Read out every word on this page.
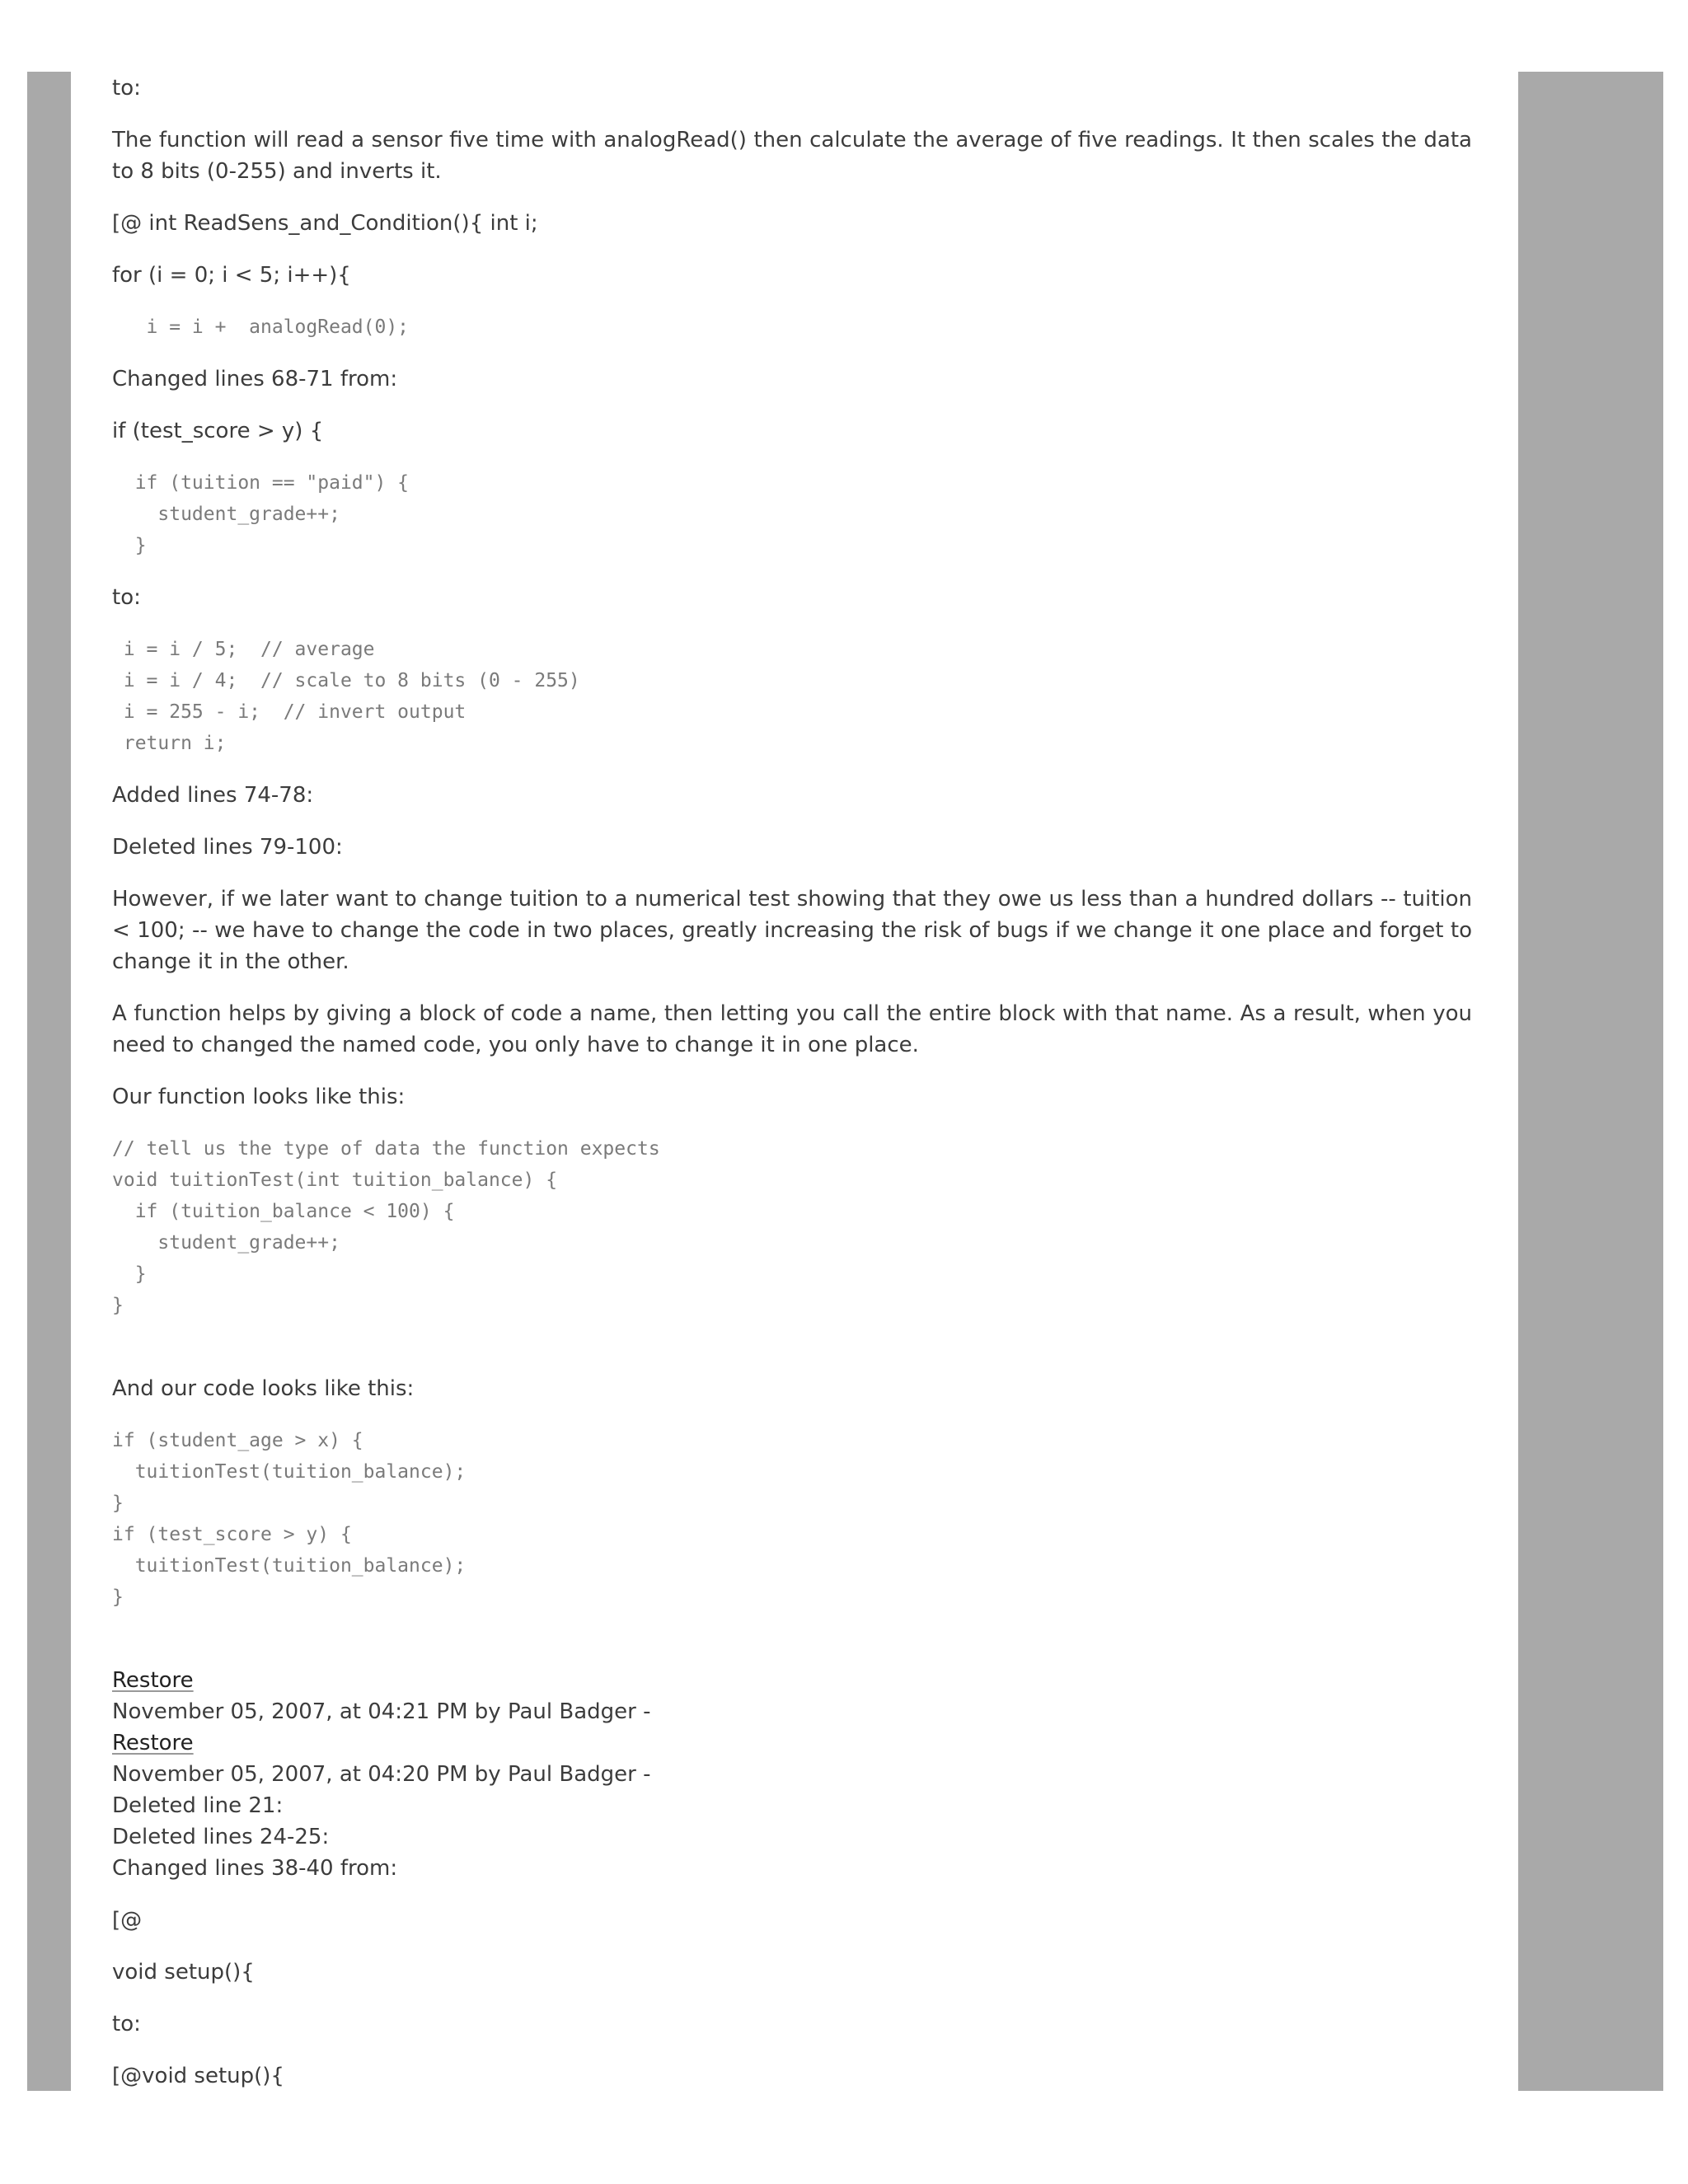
to:

The function will read a sensor five time with analogRead() then calculate the average of five readings. It then scales the data to 8 bits (0-255) and inverts it.

[@ int ReadSens_and_Condition(){ int i;

for (i = 0; i < 5; i++){

i = i +  analogRead(0);

Changed lines 68-71 from:

if (test_score > y) {

if (tuition == "paid") {
student_grade++;
}

to:

i = i / 5;  // average
i = i / 4;  // scale to 8 bits (0 - 255)
i = 255 - i;  // invert output
return i;

Added lines 74-78:

Deleted lines 79-100:

However, if we later want to change tuition to a numerical test showing that they owe us less than a hundred dollars -- tuition < 100; -- we have to change the code in two places, greatly increasing the risk of bugs if we change it one place and forget to change it in the other.

A function helps by giving a block of code a name, then letting you call the entire block with that name. As a result, when you need to changed the named code, you only have to change it in one place.

Our function looks like this:

// tell us the type of data the function expects
void tuitionTest(int tuition_balance) {
if (tuition_balance < 100) {
student_grade++;
}
}

And our code looks like this:

if (student_age > x) {
tuitionTest(tuition_balance);
}
if (test_score > y) {
tuitionTest(tuition_balance);
}
Restore
November 05, 2007, at 04:21 PM by Paul Badger -
Restore
November 05, 2007, at 04:20 PM by Paul Badger -
Deleted line 21:
Deleted lines 24-25:
Changed lines 38-40 from:

[@

void setup(){

to:

[@void setup(){
